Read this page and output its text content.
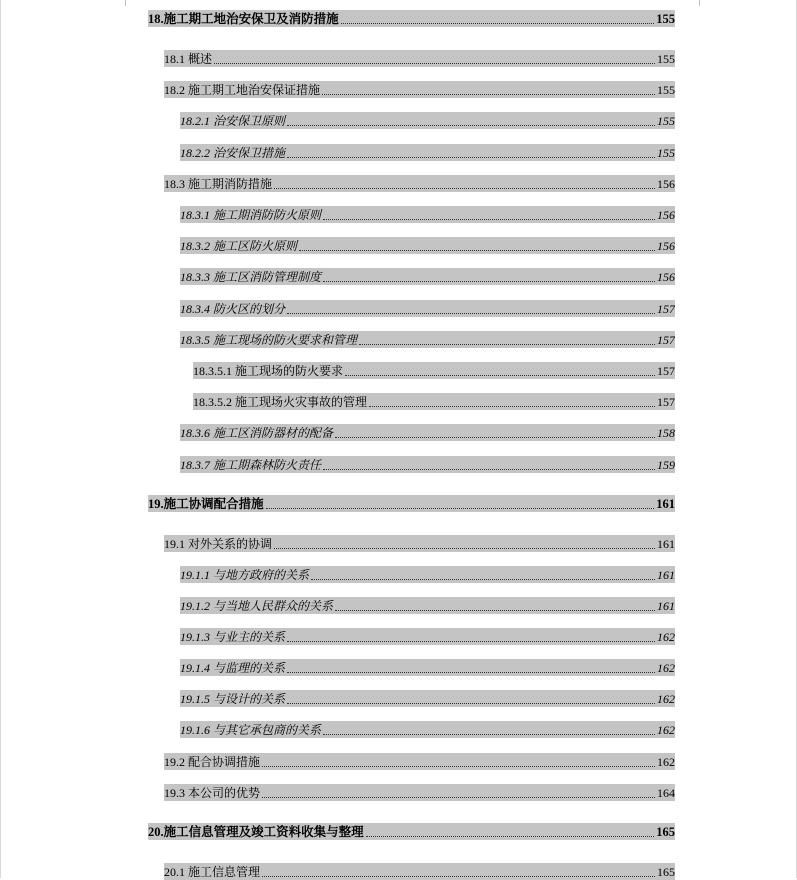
18.施工期工地治安保卫及消防措施	155
18.1 概述	155
18.2 施工期工地治安保证措施	155
18.2.1 治安保卫原则	155
18.2.2 治安保卫措施	155
18.3 施工期消防措施	156
18.3.1 施工期消防防火原则	156
18.3.2 施工区防火原则	156
18.3.3 施工区消防管理制度	156
18.3.4 防火区的划分	157
18.3.5 施工现场的防火要求和管理	157
18.3.5.1 施工现场的防火要求	157
18.3.5.2 施工现场火灾事故的管理	157
18.3.6 施工区消防器材的配备	158
18.3.7 施工期森林防火责任	159
19.施工协调配合措施	161
19.1 对外关系的协调	161
19.1.1 与地方政府的关系	161
19.1.2 与当地人民群众的关系	161
19.1.3 与业主的关系	162
19.1.4 与监理的关系	162
19.1.5 与设计的关系	162
19.1.6 与其它承包商的关系	162
19.2 配合协调措施	162
19.3 本公司的优势	164
20.施工信息管理及竣工资料收集与整理	165
20.1 施工信息管理	165
